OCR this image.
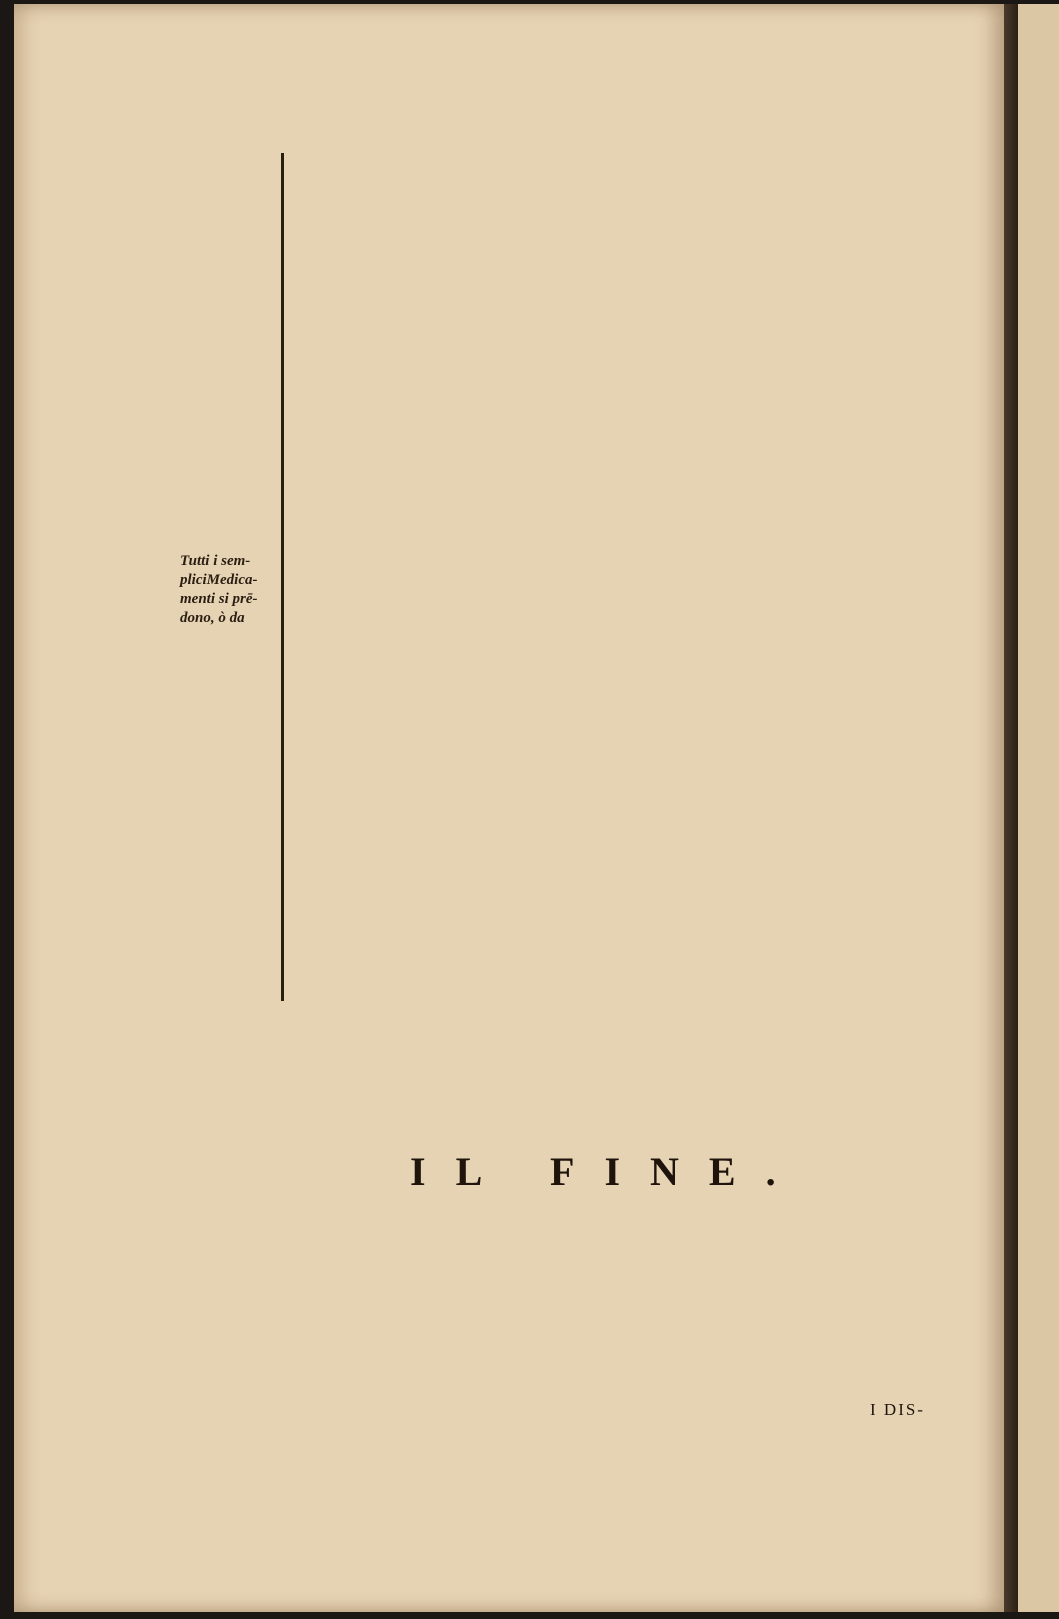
Tutti i sem-
pliciMedica-
menti si prē-
dono, ò da
IL FINE.
I DIS-
